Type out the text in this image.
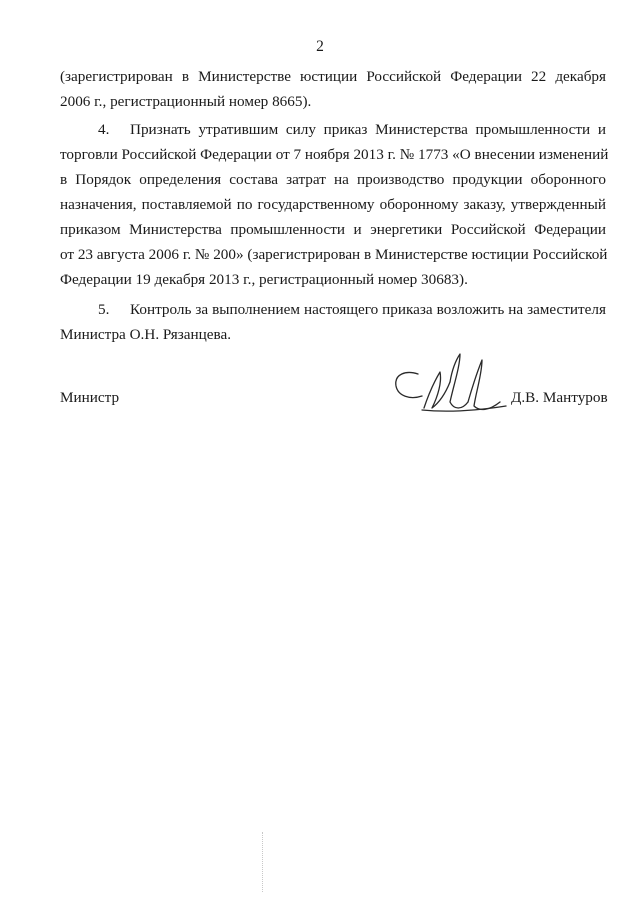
2
(зарегистрирован в Министерстве юстиции Российской Федерации 22 декабря
2006 г., регистрационный номер 8665).
4. Признать утратившим силу приказ Министерства промышленности и
торговли Российской Федерации от 7 ноября 2013 г. № 1773 «О внесении изменений
в Порядок определения состава затрат на производство продукции оборонного
назначения, поставляемой по государственному оборонному заказу, утвержденный
приказом Министерства промышленности и энергетики Российской Федерации
от 23 августа 2006 г. № 200» (зарегистрирован в Министерстве юстиции Российской
Федерации 19 декабря 2013 г., регистрационный номер 30683).
5. Контроль за выполнением настоящего приказа возложить на заместителя
Министра О.Н. Рязанцева.
Министр	Д.В. Мантуров
